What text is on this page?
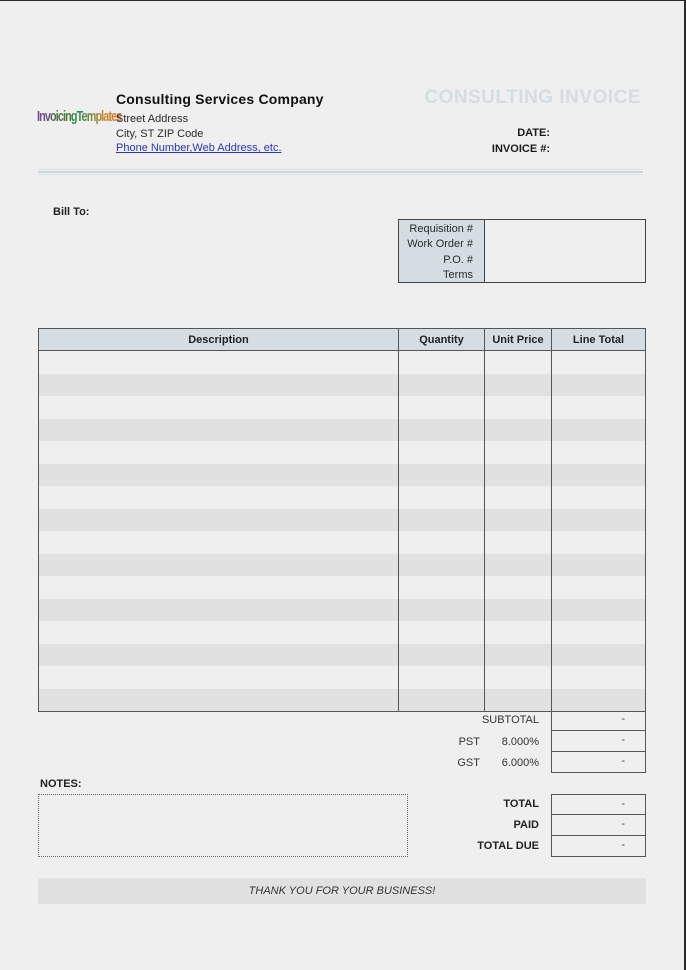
InvoicingTemplates
Consulting Services Company
Street Address
City, ST ZIP Code
Phone Number,Web Address, etc.
CONSULTING INVOICE
DATE:
INVOICE #:
Bill To:
Requisition #
Work Order #
P.O. #
Terms
Description	Quantity	Unit Price	Line Total
SUBTOTAL	-
PST 8.000%	-
GST 6.000%	-
TOTAL	-
PAID	-
TOTAL DUE	-
NOTES:
THANK YOU FOR YOUR BUSINESS!
